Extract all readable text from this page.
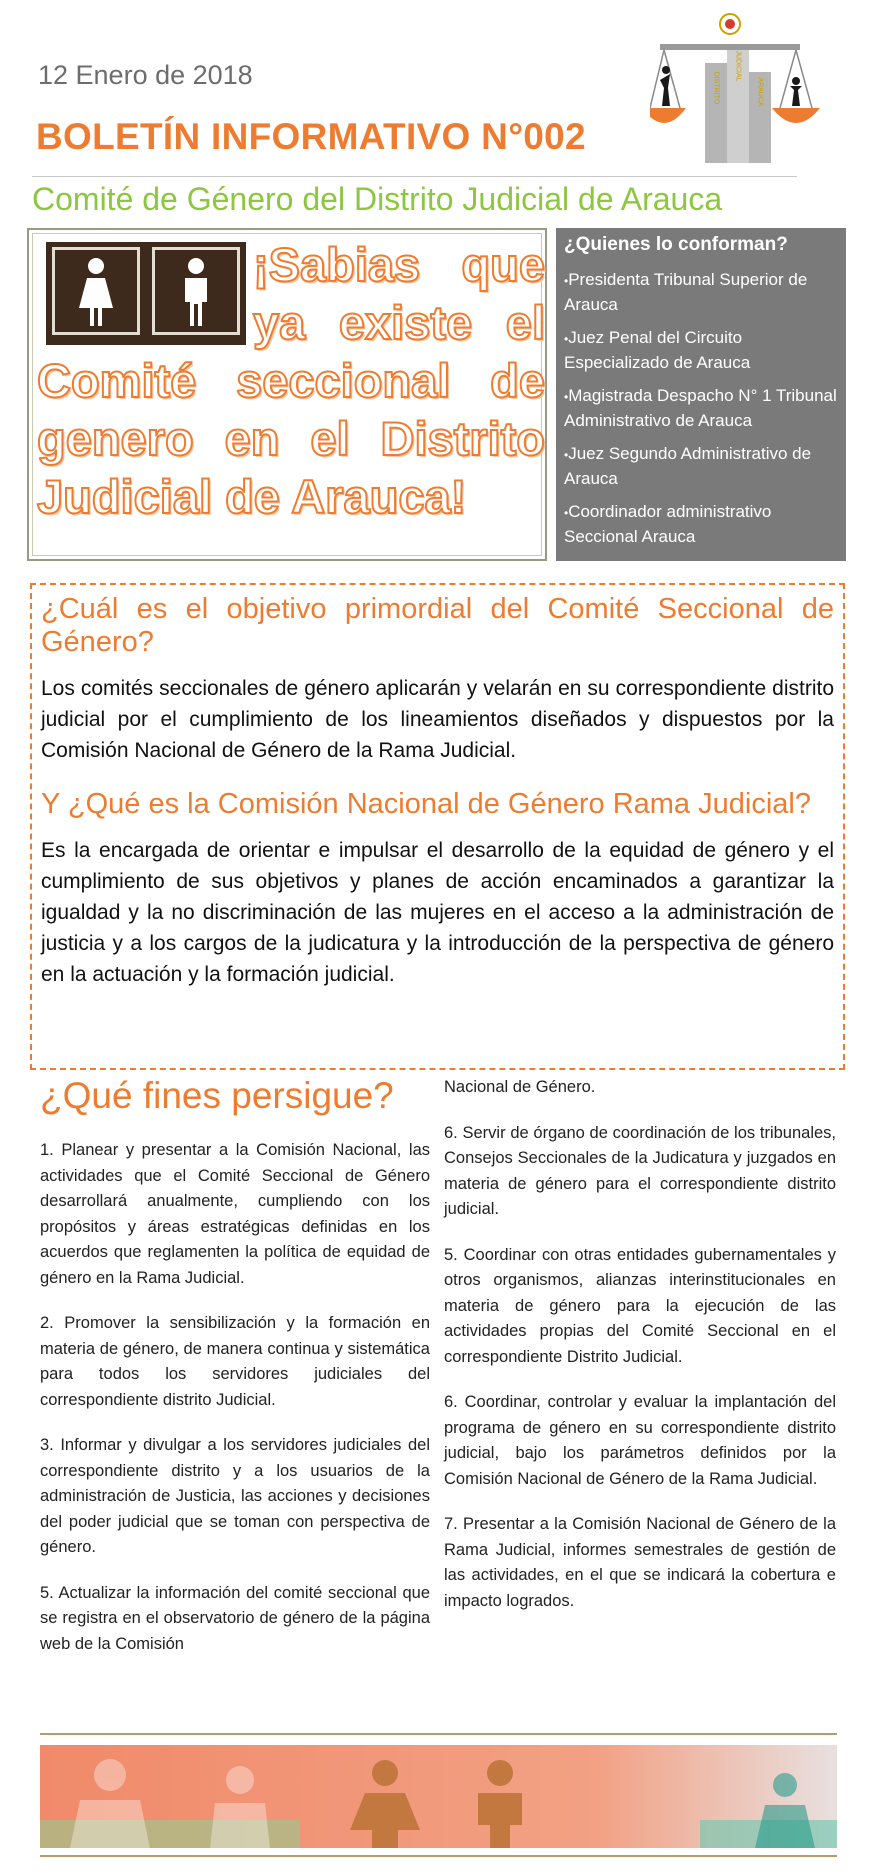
12 Enero de 2018
BOLETÍN INFORMATIVO N°002
Comité de Género del Distrito Judicial de Arauca
DISTRITO
JUDICIAL
ARAUCA
¡Sabias que ya existe el Comité seccional de genero en el Distrito Judicial de Arauca!
¿Quienes lo conforman?
• Presidenta Tribunal Superior de Arauca
• Juez Penal del Circuito Especializado de Arauca
• Magistrada Despacho N° 1 Tribunal Administrativo de Arauca
• Juez Segundo Administrativo de Arauca
• Coordinador administrativo Seccional Arauca
¿Cuál es el objetivo primordial del Comité Seccional de Género?

Los comités seccionales de género aplicarán y velarán en su correspondiente distrito judicial por el cumplimiento de los lineamientos diseñados y dispuestos por la Comisión Nacional de Género de la Rama Judicial.

Y ¿Qué es la Comisión Nacional de Género Rama Judicial?

Es la encargada de orientar e impulsar el desarrollo de la equidad de género y el cumplimiento de sus objetivos y planes de acción encaminados a garantizar la igualdad y la no discriminación de las mujeres en el acceso a la administración de justicia y a los cargos de la judicatura y la introducción de la perspectiva de género en la actuación y la formación judicial.

¿Qué fines persigue?

1. Planear y presentar a la Comisión Nacional, las actividades que el Comité Seccional de Género desarrollará anualmente, cumpliendo con los propósitos y áreas estratégicas definidas en los acuerdos que reglamenten la política de equidad de género en la Rama Judicial.

2. Promover la sensibilización y la formación en materia de género, de manera continua y sistemática para todos los servidores judiciales del correspondiente distrito Judicial.

3. Informar y divulgar a los servidores judiciales del correspondiente distrito y a los usuarios de la administración de Justicia, las acciones y decisiones del poder judicial que se toman con perspectiva de género.

5. Actualizar la información del comité seccional que se registra en el observatorio de género de la página web de la Comisión

Nacional de Género.

6. Servir de órgano de coordinación de los tribunales, Consejos Seccionales de la Judicatura y juzgados en materia de género para el correspondiente distrito judicial.

5. Coordinar con otras entidades gubernamentales y otros organismos, alianzas interinstitucionales en materia de género para la ejecución de las actividades propias del Comité Seccional en el correspondiente Distrito Judicial.

6. Coordinar, controlar y evaluar la implantación del programa de género en su correspondiente distrito judicial, bajo los parámetros definidos por la Comisión Nacional de Género de la Rama Judicial.

7. Presentar a la Comisión Nacional de Género de la Rama Judicial, informes semestrales de gestión de las actividades, en el que se indicará la cobertura e impacto logrados.
